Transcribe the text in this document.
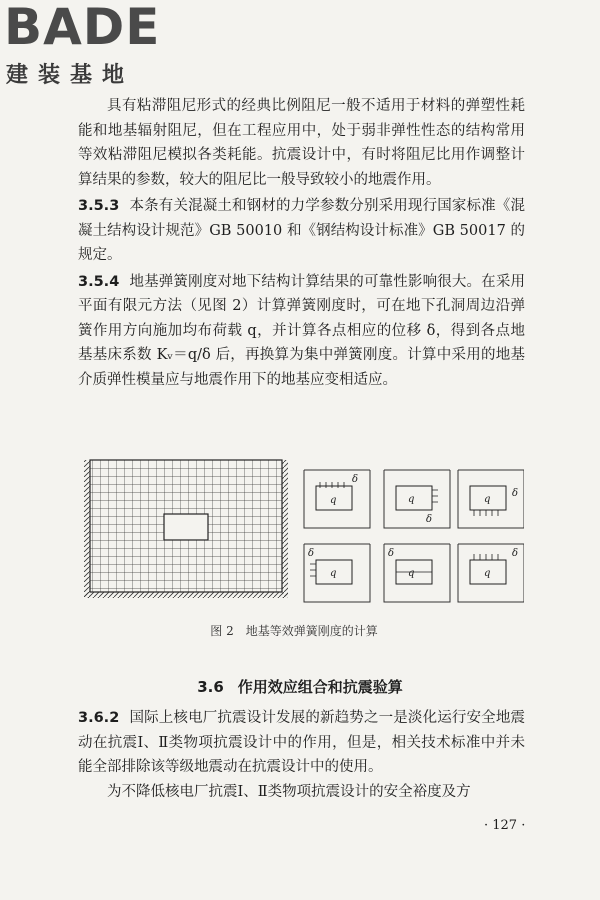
BADE
建装基地

具有粘滞阻尼形式的经典比例阻尼一般不适用于材料的弹塑性耗能和地基辐射阻尼，但在工程应用中，处于弱非弹性性态的结构常用等效粘滞阻尼模拟各类耗能。抗震设计中，有时将阻尼比用作调整计算结果的参数，较大的阻尼比一般导致较小的地震作用。

3.5.3 本条有关混凝土和钢材的力学参数分别采用现行国家标准《混凝土结构设计规范》GB 50010 和《钢结构设计标准》GB 50017 的规定。

3.5.4 地基弹簧刚度对地下结构计算结果的可靠性影响很大。在采用平面有限元方法（见图 2）计算弹簧刚度时，可在地下孔洞周边沿弹簧作用方向施加均布荷载 q，并计算各点相应的位移 δ，得到各点地基基床系数 Kᵥ＝q/δ 后，再换算为集中弹簧刚度。计算中采用的地基介质弹性模量应与地震作用下的地基应变相适应。

q
δ
q
δ
q
δ
q
δ
q
δ
q
δ
图 2 地基等效弹簧刚度的计算
3.6 作用效应组合和抗震验算

3.6.2 国际上核电厂抗震设计发展的新趋势之一是淡化运行安全地震动在抗震Ⅰ、Ⅱ类物项抗震设计中的作用，但是，相关技术标准中并未能全部排除该等级地震动在抗震设计中的使用。

为不降低核电厂抗震Ⅰ、Ⅱ类物项抗震设计的安全裕度及方

· 127 ·
